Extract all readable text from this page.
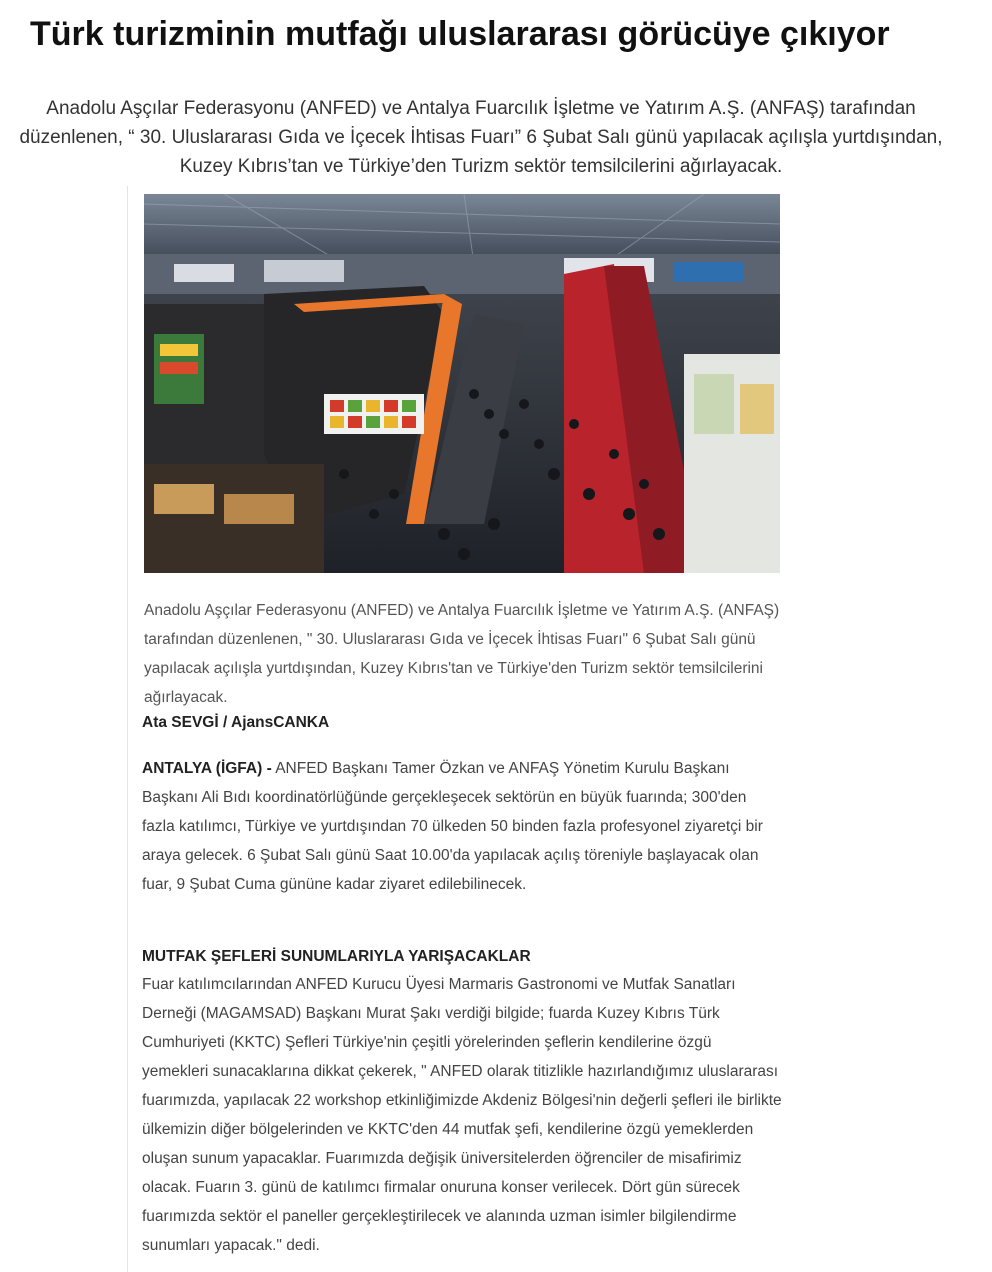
Türk turizminin mutfağı uluslararası görücüye çıkıyor

Anadolu Aşçılar Federasyonu (ANFED) ve Antalya Fuarcılık İşletme ve Yatırım A.Ş. (ANFAŞ) tarafından düzenlenen, “ 30. Uluslararası Gıda ve İçecek İhtisas Fuarı” 6 Şubat Salı günü yapılacak açılışla yurtdışından, Kuzey Kıbrıs’tan ve Türkiye’den Turizm sektör temsilcilerini ağırlayacak.

Anadolu Aşçılar Federasyonu (ANFED) ve Antalya Fuarcılık İşletme ve Yatırım A.Ş. (ANFAŞ) tarafından düzenlenen, " 30. Uluslararası Gıda ve İçecek İhtisas Fuarı" 6 Şubat Salı günü yapılacak açılışla yurtdışından, Kuzey Kıbrıs'tan ve Türkiye'den Turizm sektör temsilcilerini ağırlayacak.

Ata SEVGİ / AjansCANKA

ANTALYA (İGFA) - ANFED Başkanı Tamer Özkan ve ANFAŞ Yönetim Kurulu Başkanı Başkanı Ali Bıdı koordinatörlüğünde gerçekleşecek sektörün en büyük fuarında; 300'den fazla katılımcı, Türkiye ve yurtdışından 70 ülkeden 50 binden fazla profesyonel ziyaretçi bir araya gelecek. 6 Şubat Salı günü Saat 10.00'da yapılacak açılış töreniyle başlayacak olan fuar, 9 Şubat Cuma gününe kadar ziyaret edilebilinecek.

MUTFAK ŞEFLERİ SUNUMLARIYLA YARIŞACAKLAR

Fuar katılımcılarından ANFED Kurucu Üyesi Marmaris Gastronomi ve Mutfak Sanatları Derneği (MAGAMSAD) Başkanı Murat Şakı verdiği bilgide; fuarda Kuzey Kıbrıs Türk Cumhuriyeti (KKTC) Şefleri Türkiye'nin çeşitli yörelerinden şeflerin kendilerine özgü yemekleri sunacaklarına dikkat çekerek, " ANFED olarak titizlikle hazırlandığımız uluslararası fuarımızda, yapılacak 22 workshop etkinliğimizde Akdeniz Bölgesi'nin değerli şefleri ile birlikte ülkemizin diğer bölgelerinden ve KKTC'den 44 mutfak şefi, kendilerine özgü yemeklerden oluşan sunum yapacaklar. Fuarımızda değişik üniversitelerden öğrenciler de misafirimiz olacak. Fuarın 3. günü de katılımcı firmalar onuruna konser verilecek. Dört gün sürecek fuarımızda sektör el paneller gerçekleştirilecek ve alanında uzman isimler bilgilendirme sunumları yapacak." dedi.
